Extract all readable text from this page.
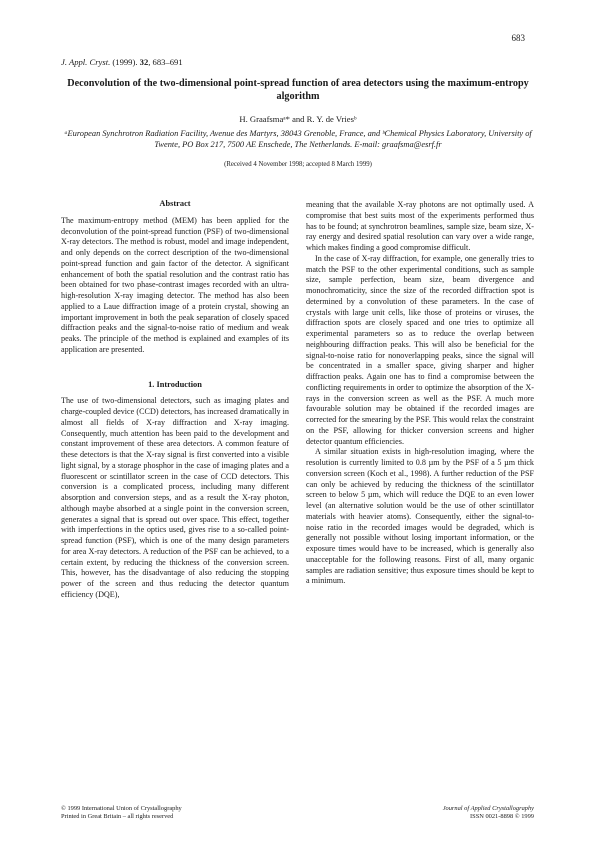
683
J. Appl. Cryst. (1999). 32, 683–691
Deconvolution of the two-dimensional point-spread function of area detectors using the maximum-entropy algorithm
H. Graafsmaᵃ* and R. Y. de Vriesᵇ
ᵃEuropean Synchrotron Radiation Facility, Avenue des Martyrs, 38043 Grenoble, France, and ᵇChemical Physics Laboratory, University of Twente, PO Box 217, 7500 AE Enschede, The Netherlands. E-mail: graafsma@esrf.fr
(Received 4 November 1998; accepted 8 March 1999)
Abstract

The maximum-entropy method (MEM) has been applied for the deconvolution of the point-spread function (PSF) of two-dimensional X-ray detectors. The method is robust, model and image independent, and only depends on the correct description of the two-dimensional point-spread function and gain factor of the detector. A significant enhancement of both the spatial resolution and the contrast ratio has been obtained for two phase-contrast images recorded with an ultra-high-resolution X-ray imaging detector. The method has also been applied to a Laue diffraction image of a protein crystal, showing an important improvement in both the peak separation of closely spaced diffraction peaks and the signal-to-noise ratio of medium and weak peaks. The principle of the method is explained and examples of its application are presented.

1. Introduction

The use of two-dimensional detectors, such as imaging plates and charge-coupled device (CCD) detectors, has increased dramatically in almost all fields of X-ray diffraction and X-ray imaging. Consequently, much attention has been paid to the development and constant improvement of these area detectors. A common feature of these detectors is that the X-ray signal is first converted into a visible light signal, by a storage phosphor in the case of imaging plates and a fluorescent or scintillator screen in the case of CCD detectors. This conversion is a complicated process, including many different absorption and conversion steps, and as a result the X-ray photon, although maybe absorbed at a single point in the conversion screen, generates a signal that is spread out over space. This effect, together with imperfections in the optics used, gives rise to a so-called point-spread function (PSF), which is one of the many design parameters for area X-ray detectors. A reduction of the PSF can be achieved, to a certain extent, by reducing the thickness of the conversion screen. This, however, has the disadvantage of also reducing the stopping power of the screen and thus reducing the detector quantum efficiency (DQE),

meaning that the available X-ray photons are not optimally used. A compromise that best suits most of the experiments performed thus has to be found; at synchrotron beamlines, sample size, beam size, X-ray energy and desired spatial resolution can vary over a wide range, which makes finding a good compromise difficult.

In the case of X-ray diffraction, for example, one generally tries to match the PSF to the other experimental conditions, such as sample size, sample perfection, beam size, beam divergence and monochromaticity, since the size of the recorded diffraction spot is determined by a convolution of these parameters. In the case of crystals with large unit cells, like those of proteins or viruses, the diffraction spots are closely spaced and one tries to optimize all experimental parameters so as to reduce the overlap between neighbouring diffraction peaks. This will also be beneficial for the signal-to-noise ratio for nonoverlapping peaks, since the signal will be concentrated in a smaller space, giving sharper and higher diffraction peaks. Again one has to find a compromise between the conflicting requirements in order to optimize the absorption of the X-rays in the conversion screen as well as the PSF. A much more favourable solution may be obtained if the recorded images are corrected for the smearing by the PSF. This would relax the constraint on the PSF, allowing for thicker conversion screens and higher detector quantum efficiencies.

A similar situation exists in high-resolution imaging, where the resolution is currently limited to 0.8 µm by the PSF of a 5 µm thick conversion screen (Koch et al., 1998). A further reduction of the PSF can only be achieved by reducing the thickness of the scintillator screen to below 5 µm, which will reduce the DQE to an even lower level (an alternative solution would be the use of other scintillator materials with heavier atoms). Consequently, either the signal-to-noise ratio in the recorded images would be degraded, which is generally not possible without losing important information, or the exposure times would have to be increased, which is generally also unacceptable for the following reasons. First of all, many organic samples are radiation sensitive; thus exposure times should be kept to a minimum.

© 1999 International Union of Crystallography
Printed in Great Britain – all rights reserved
Journal of Applied Crystallography
ISSN 0021-8898 © 1999
